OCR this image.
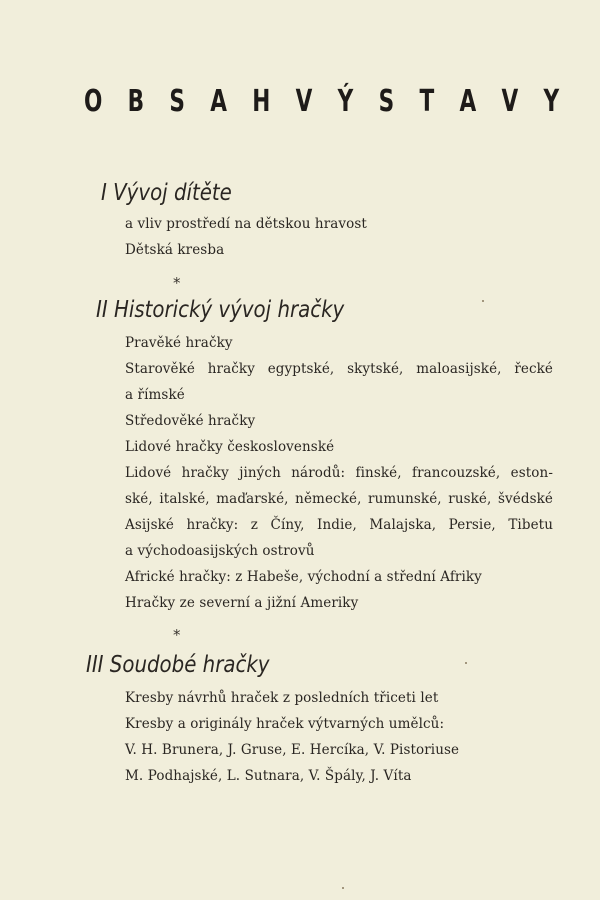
O B S A H V Ý S T A V Y
I Vývoj dítěte
a vliv prostředí na dětskou hravost
Dětská kresba
*
II Historický vývoj hračky
Pravěké hračky
Starověké hračky egyptské, skytské, maloasijské, řecké
a římské
Středověké hračky
Lidové hračky československé
Lidové hračky jiných národů: finské, francouzské, eston-
ské, italské, maďarské, německé, rumunské, ruské, švédské
Asijské hračky: z Číny, Indie, Malajska, Persie, Tibetu
a východoasijských ostrovů
Africké hračky: z Habeše, východní a střední Afriky
Hračky ze severní a jižní Ameriky
*
III Soudobé hračky
Kresby návrhů hraček z posledních třiceti let
Kresby a originály hraček výtvarných umělců:
V. H. Brunera, J. Gruse, E. Hercíka, V. Pistoriuse
M. Podhajské, L. Sutnara, V. Špály, J. Víta
